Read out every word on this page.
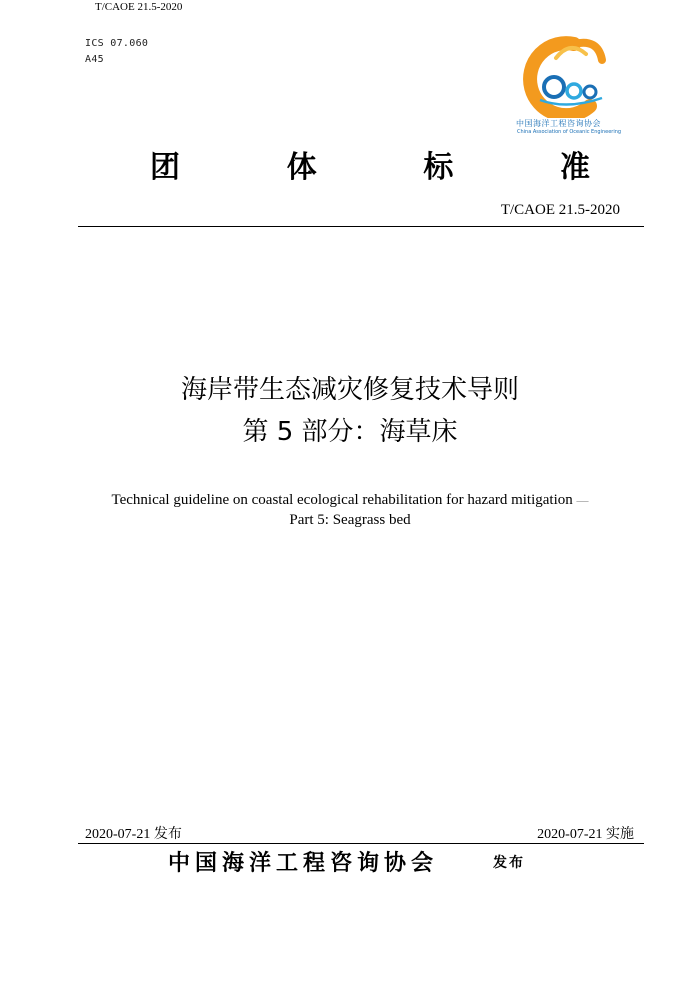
T/CAOE 21.5-2020
ICS 07.060
A45
中国海洋工程咨询协会
China Association of Oceanic Engineering
团	体	标	准
T/CAOE 21.5-2020
海岸带生态减灾修复技术导则
第 5 部分：海草床
Technical guideline on coastal ecological rehabilitation for hazard mitigation —
Part 5: Seagrass bed
2020-07-21 发布	2020-07-21 实施
中国海洋工程咨询协会	发布
